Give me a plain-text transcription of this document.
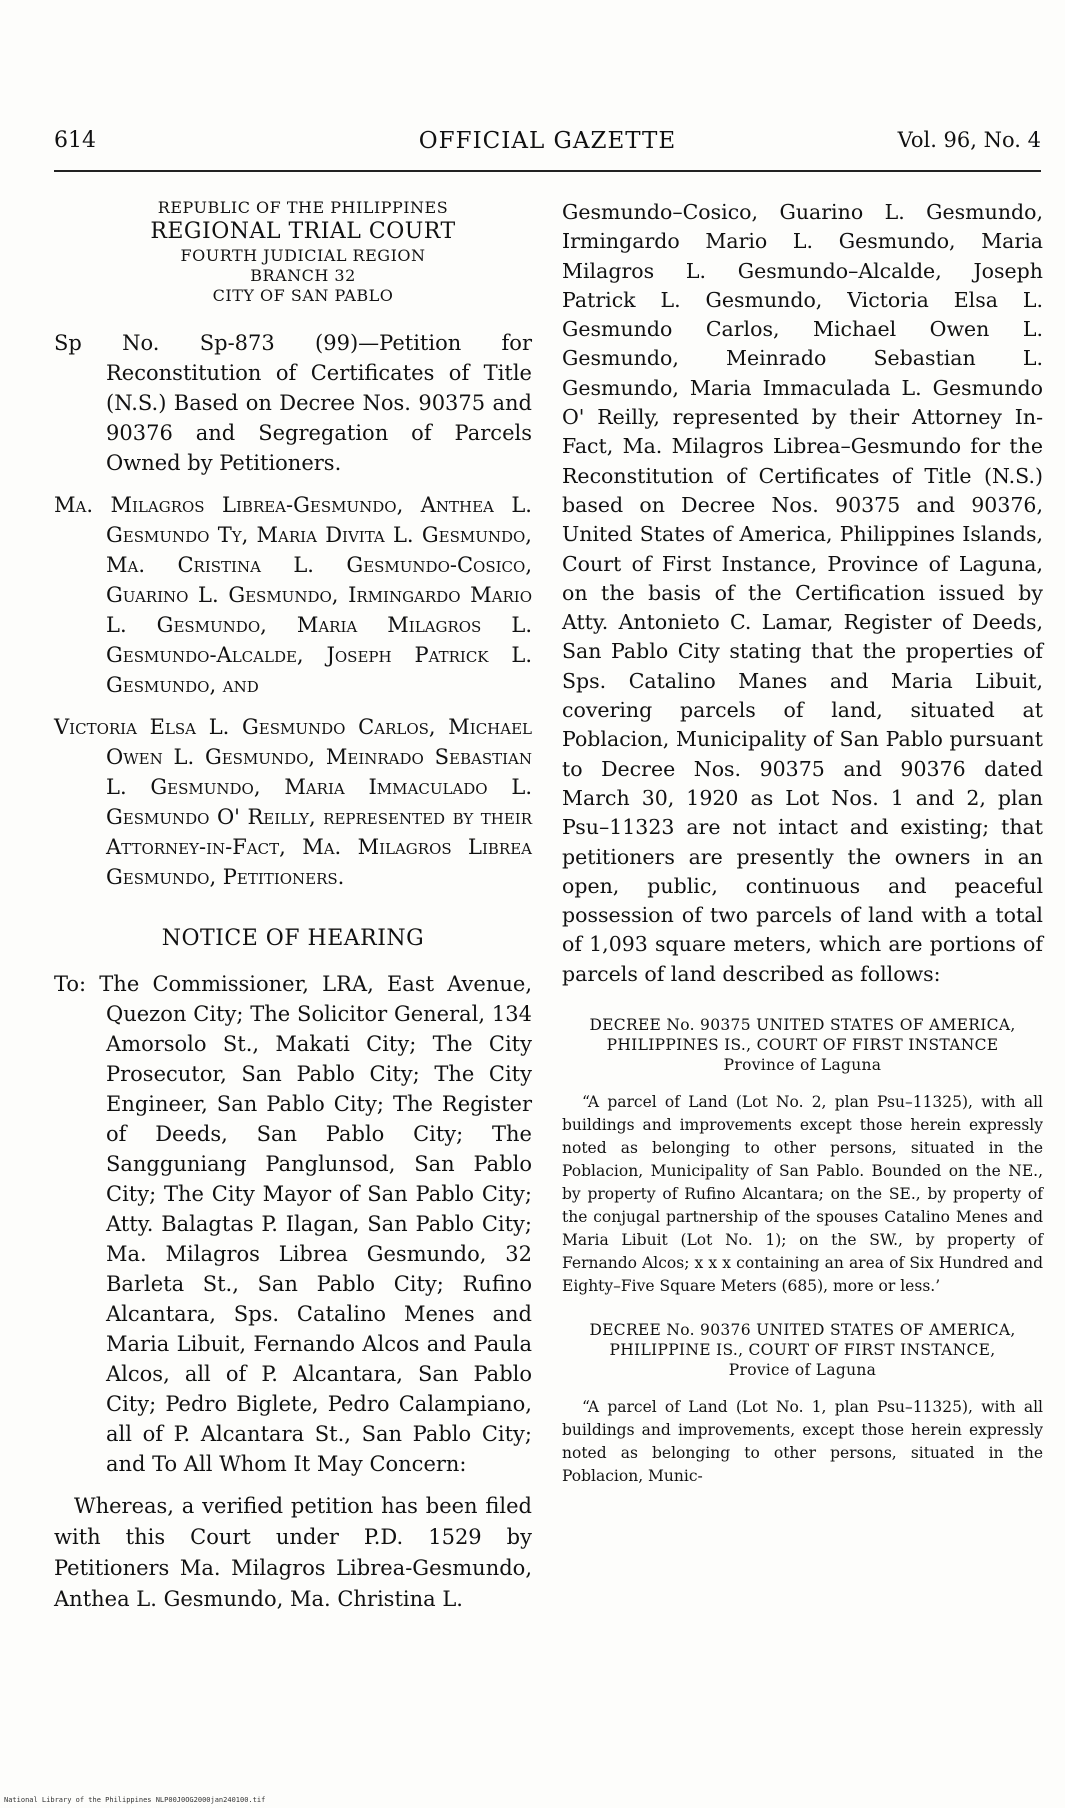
614	OFFICIAL GAZETTE	Vol. 96, No. 4
REPUBLIC OF THE PHILIPPINES
REGIONAL TRIAL COURT
FOURTH JUDICIAL REGION
BRANCH 32
CITY OF SAN PABLO

Sp No. Sp-873 (99)—Petition for Reconstitution of Certificates of Title (N.S.) Based on Decree Nos. 90375 and 90376 and Segregation of Parcels Owned by Petitioners.

Ma. Milagros Librea-Gesmundo, Anthea L. Gesmundo Ty, Maria Divita L. Gesmundo, Ma. Cristina L. Gesmundo-Cosico, Guarino L. Gesmundo, Irmingardo Mario L. Gesmundo, Maria Milagros L. Gesmundo-Alcalde, Joseph Patrick L. Gesmundo, and

Victoria Elsa L. Gesmundo Carlos, Michael Owen L. Gesmundo, Meinrado Sebastian L. Gesmundo, Maria Immaculado L. Gesmundo O' Reilly, represented by their Attorney-in-Fact, Ma. Milagros Librea Gesmundo, Petitioners.

NOTICE OF HEARING

To: The Commissioner, LRA, East Avenue, Quezon City; The Solicitor General, 134 Amorsolo St., Makati City; The City Prosecutor, San Pablo City; The City Engineer, San Pablo City; The Register of Deeds, San Pablo City; The Sangguniang Panglunsod, San Pablo City; The City Mayor of San Pablo City; Atty. Balagtas P. Ilagan, San Pablo City; Ma. Milagros Librea Gesmundo, 32 Barleta St., San Pablo City; Rufino Alcantara, Sps. Catalino Menes and Maria Libuit, Fernando Alcos and Paula Alcos, all of P. Alcantara, San Pablo City; Pedro Biglete, Pedro Calampiano, all of P. Alcantara St., San Pablo City; and To All Whom It May Concern:

Whereas, a verified petition has been filed with this Court under P.D. 1529 by Petitioners Ma. Milagros Librea-Gesmundo, Anthea L. Gesmundo, Ma. Christina L.

Gesmundo–Cosico, Guarino L. Gesmundo, Irmingardo Mario L. Gesmundo, Maria Milagros L. Gesmundo–Alcalde, Joseph Patrick L. Gesmundo, Victoria Elsa L. Gesmundo Carlos, Michael Owen L. Gesmundo, Meinrado Sebastian L. Gesmundo, Maria Immaculada L. Gesmundo O' Reilly, represented by their Attorney In-Fact, Ma. Milagros Librea–Gesmundo for the Reconstitution of Certificates of Title (N.S.) based on Decree Nos. 90375 and 90376, United States of America, Philippines Islands, Court of First Instance, Province of Laguna, on the basis of the Certification issued by Atty. Antonieto C. Lamar, Register of Deeds, San Pablo City stating that the properties of Sps. Catalino Manes and Maria Libuit, covering parcels of land, situated at Poblacion, Municipality of San Pablo pursuant to Decree Nos. 90375 and 90376 dated March 30, 1920 as Lot Nos. 1 and 2, plan Psu–11323 are not intact and existing; that petitioners are presently the owners in an open, public, continuous and peaceful possession of two parcels of land with a total of 1,093 square meters, which are portions of parcels of land described as follows:

DECREE No. 90375 UNITED STATES OF AMERICA, PHILIPPINES IS., COURT OF FIRST INSTANCE
Province of Laguna

“A parcel of Land (Lot No. 2, plan Psu–11325), with all buildings and improvements except those herein expressly noted as belonging to other persons, situated in the Poblacion, Municipality of San Pablo. Bounded on the NE., by property of Rufino Alcantara; on the SE., by property of the conjugal partnership of the spouses Catalino Menes and Maria Libuit (Lot No. 1); on the SW., by property of Fernando Alcos; x x x containing an area of Six Hundred and Eighty–Five Square Meters (685), more or less.’

DECREE No. 90376 UNITED STATES OF AMERICA, PHILIPPINE IS., COURT OF FIRST INSTANCE,
Provice of Laguna

“A parcel of Land (Lot No. 1, plan Psu–11325), with all buildings and improvements, except those herein expressly noted as belonging to other persons, situated in the Poblacion, Munic-

National Library of the Philippines NLP00J0OG2000jan240100.tif
